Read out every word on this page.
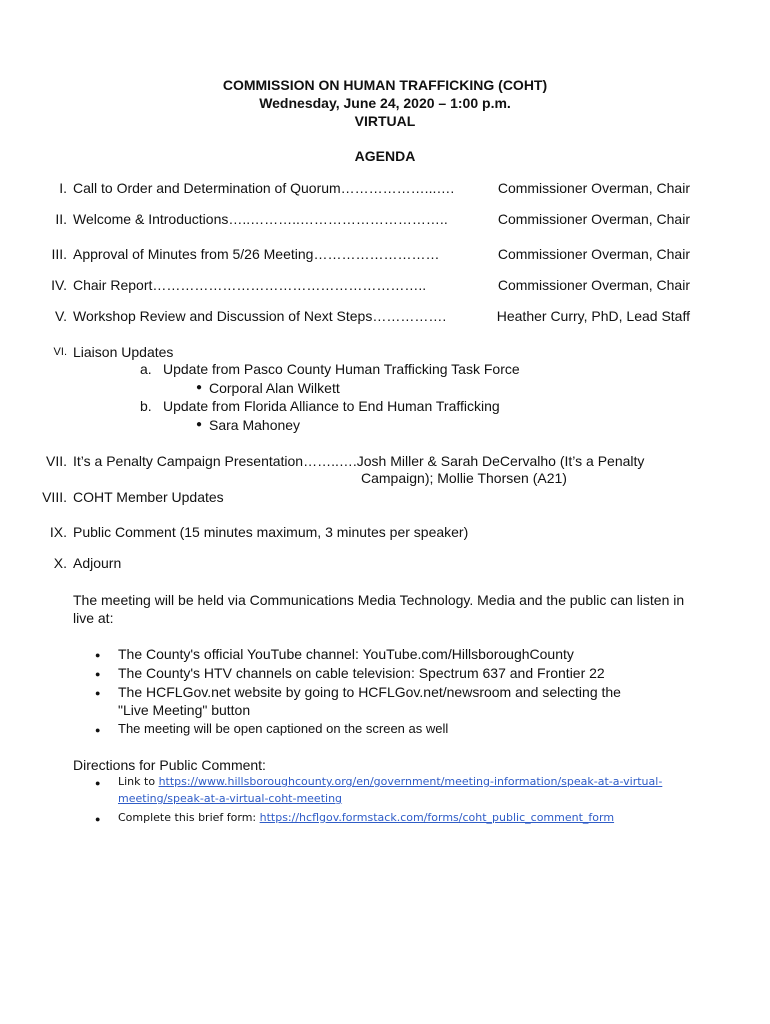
COMMISSION ON HUMAN TRAFFICKING (COHT)
Wednesday, June 24, 2020 – 1:00 p.m.
VIRTUAL
AGENDA
I. Call to Order and Determination of Quorum………………...….	Commissioner Overman, Chair
II. Welcome & Introductions…..………..…………………………..	Commissioner Overman, Chair
III. Approval of Minutes from 5/26 Meeting………………………	Commissioner Overman, Chair
IV. Chair Report…………………………………………………..	Commissioner Overman, Chair
V. Workshop Review and Discussion of Next Steps…………….	Heather Curry, PhD, Lead Staff
VI. Liaison Updates
a. Update from Pasco County Human Trafficking Task Force
● Corporal Alan Wilkett
b. Update from Florida Alliance to End Human Trafficking
● Sara Mahoney
VII. It’s a Penalty Campaign Presentation……..….Josh Miller & Sarah DeCervalho (It’s a Penalty
Campaign); Mollie Thorsen (A21)
VIII. COHT Member Updates
IX. Public Comment (15 minutes maximum, 3 minutes per speaker)
X. Adjourn
The meeting will be held via Communications Media Technology. Media and the public can listen in live at:
● The County's official YouTube channel: YouTube.com/HillsboroughCounty
● The County's HTV channels on cable television: Spectrum 637 and Frontier 22
● The HCFLGov.net website by going to HCFLGov.net/newsroom and selecting the
"Live Meeting" button
● The meeting will be open captioned on the screen as well
Directions for Public Comment:
● Link to https://www.hillsboroughcounty.org/en/government/meeting-information/speak-at-a-virtual-
meeting/speak-at-a-virtual-coht-meeting
● Complete this brief form: https://hcflgov.formstack.com/forms/coht_public_comment_form
